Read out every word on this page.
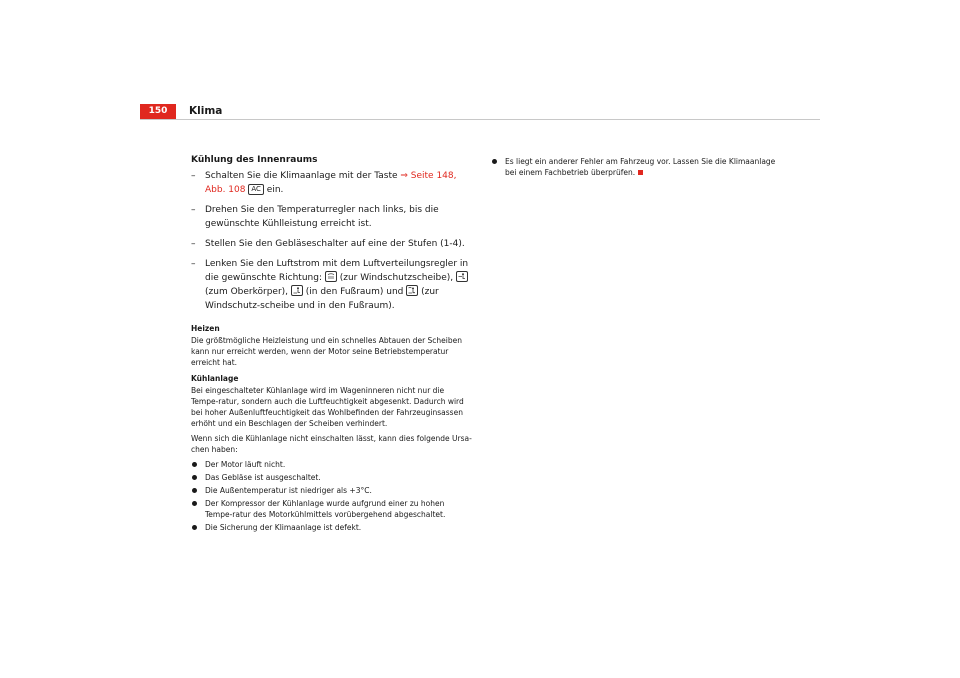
150	Klima
Kühlung des Innenraums
– Schalten Sie die Klimaanlage mit der Taste ⇒ Seite 148, Abb. 108 AC ein.
– Drehen Sie den Temperaturregler nach links, bis die gewünschte Kühlleistung erreicht ist.
– Stellen Sie den Gebläseschalter auf eine der Stufen (1-4).
– Lenken Sie den Luftstrom mit dem Luftverteilungsregler in die gewünschte Richtung:
(zur Windschutzscheibe),
(zum Oberkörper),
(in den Fußraum) und
(zur Windschutz-scheibe und in den Fußraum).
Heizen

Die größtmögliche Heizleistung und ein schnelles Abtauen der Scheiben kann nur erreicht werden, wenn der Motor seine Betriebstemperatur erreicht hat.

Kühlanlage

Bei eingeschalteter Kühlanlage wird im Wageninneren nicht nur die Tempe-ratur, sondern auch die Luftfeuchtigkeit abgesenkt. Dadurch wird bei hoher Außenluftfeuchtigkeit das Wohlbefinden der Fahrzeuginsassen erhöht und ein Beschlagen der Scheiben verhindert.

Wenn sich die Kühlanlage nicht einschalten lässt, kann dies folgende Ursa-chen haben:

Der Motor läuft nicht.
Das Gebläse ist ausgeschaltet.
Die Außentemperatur ist niedriger als +3°C.
Der Kompressor der Kühlanlage wurde aufgrund einer zu hohen Tempe-ratur des Motorkühlmittels vorübergehend abgeschaltet.
Die Sicherung der Klimaanlage ist defekt.
Es liegt ein anderer Fehler am Fahrzeug vor. Lassen Sie die Klimaanlage bei einem Fachbetrieb überprüfen.
